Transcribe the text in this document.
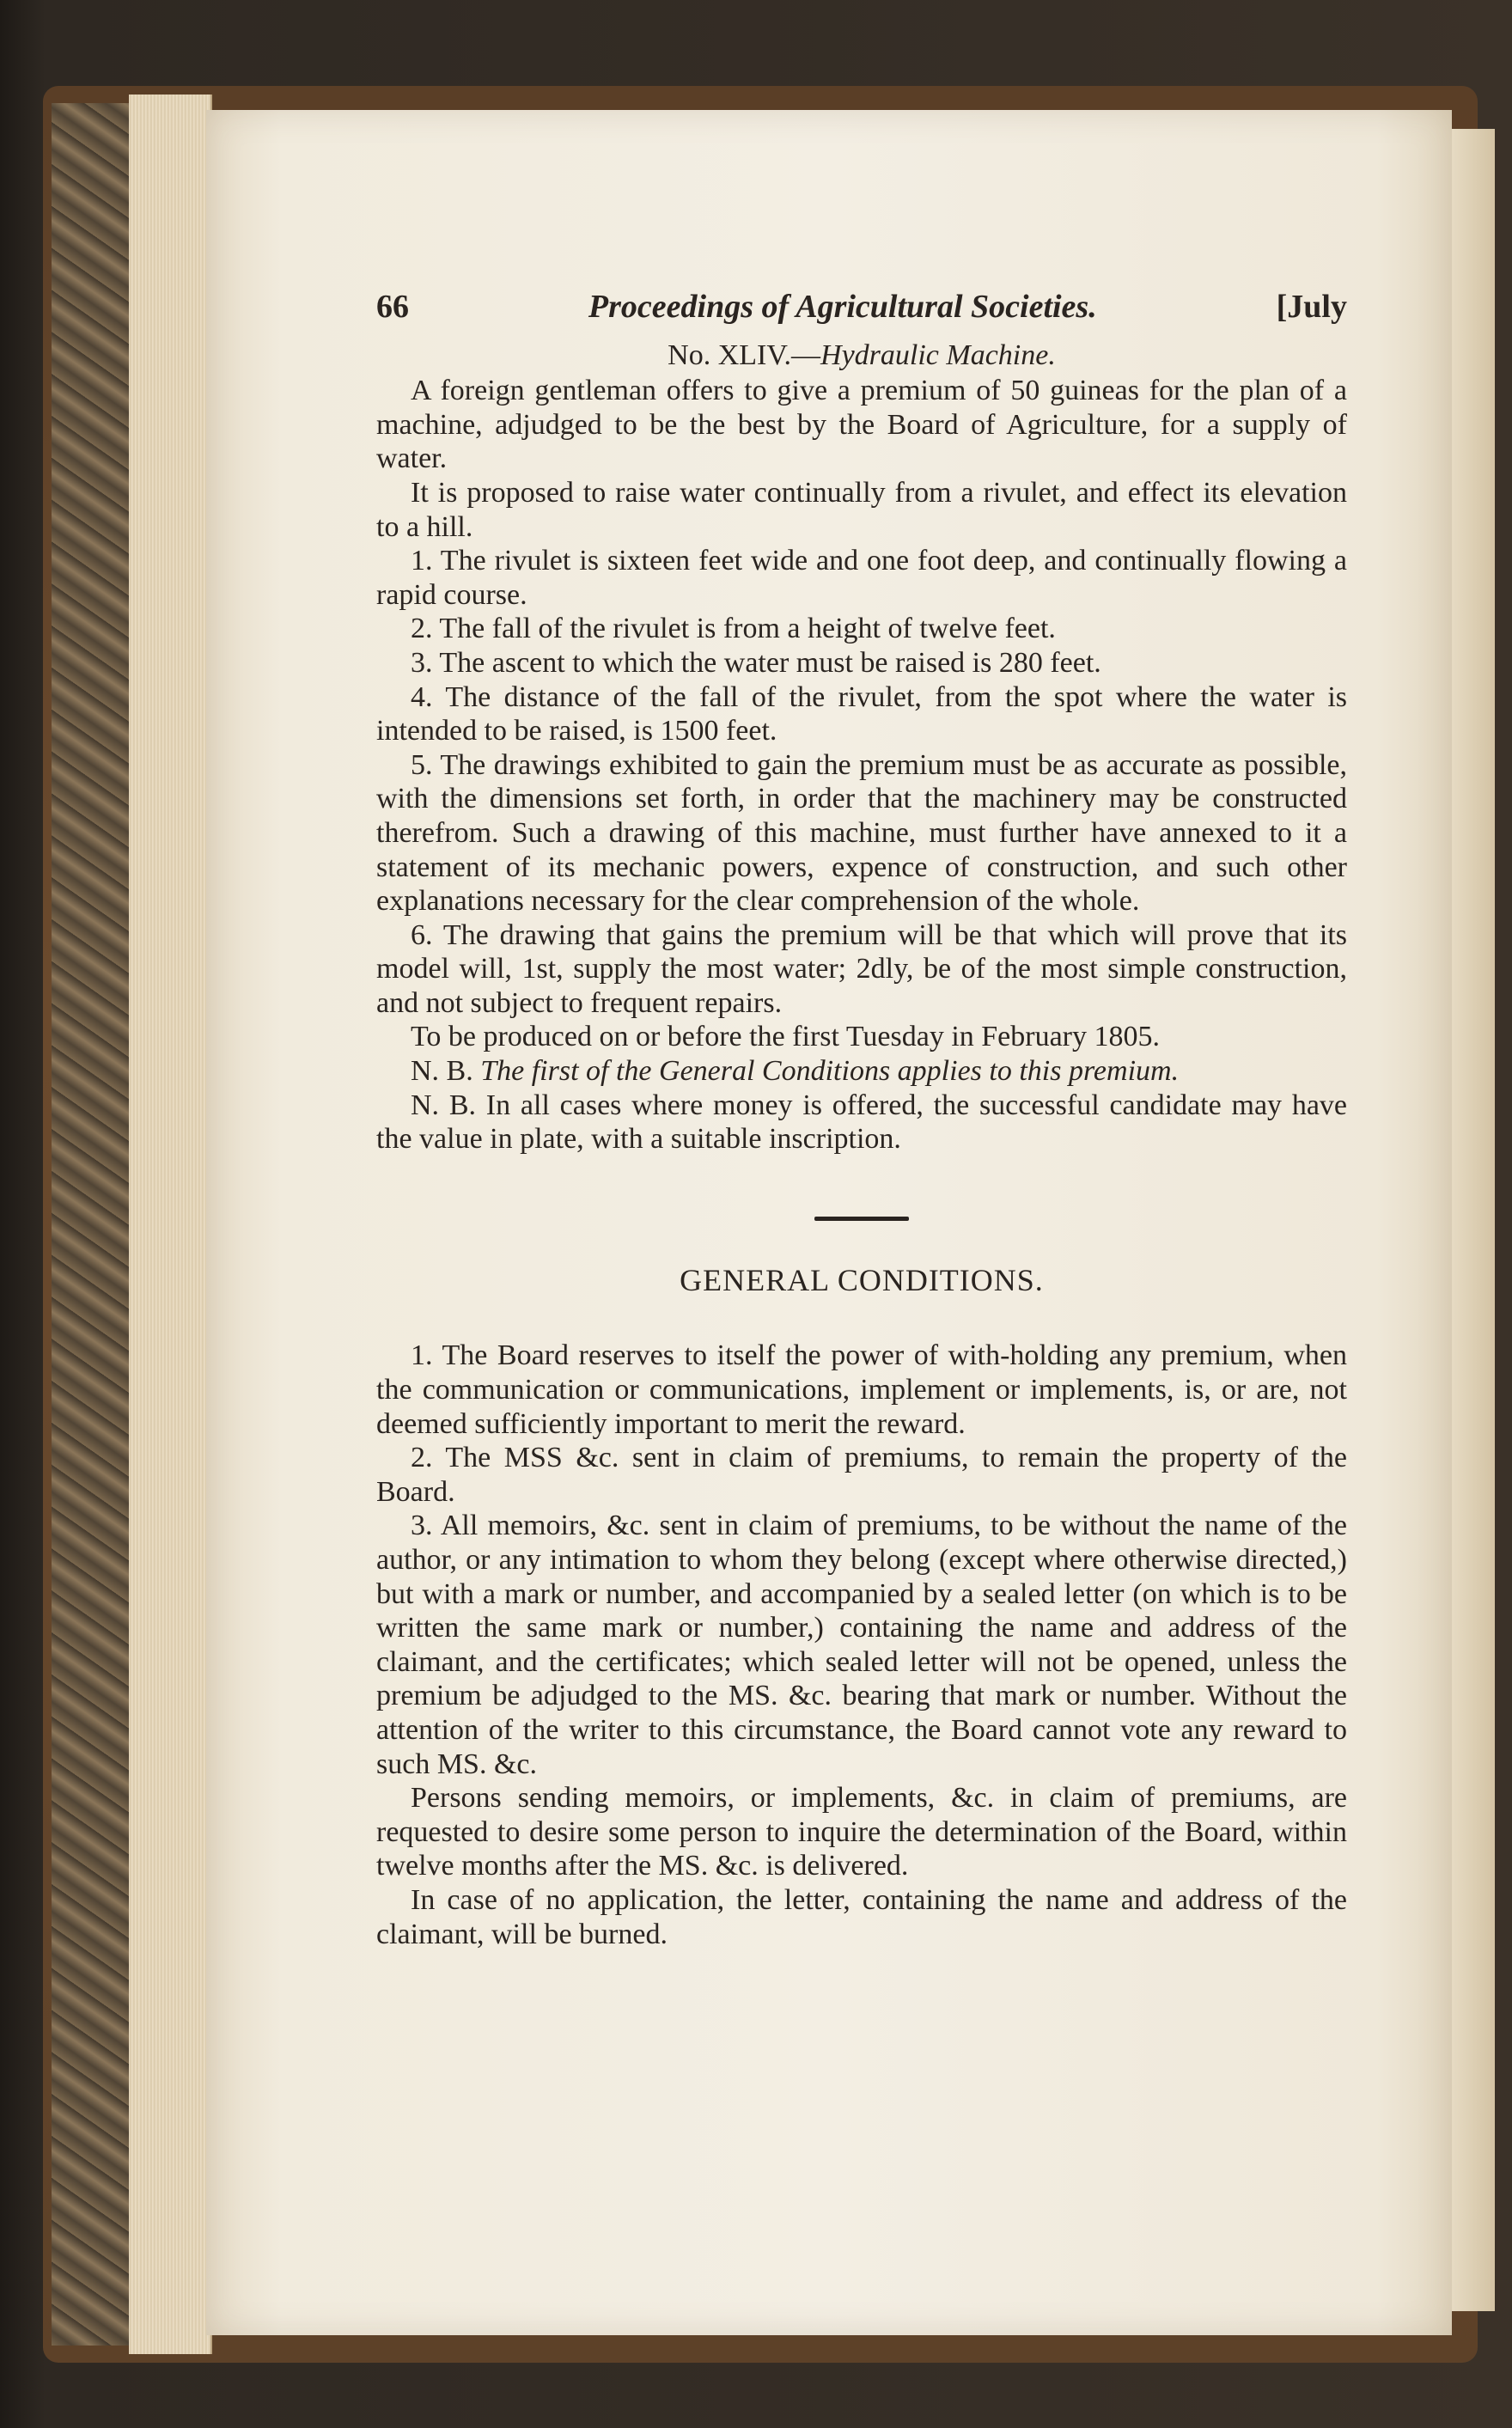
66	Proceedings of Agricultural Societies.	[July
No. XLIV.—Hydraulic Machine.

A foreign gentleman offers to give a premium of 50 guineas for the plan of a machine, adjudged to be the best by the Board of Agriculture, for a supply of water.

It is proposed to raise water continually from a rivulet, and effect its elevation to a hill.

1. The rivulet is sixteen feet wide and one foot deep, and continually flowing a rapid course.

2. The fall of the rivulet is from a height of twelve feet.

3. The ascent to which the water must be raised is 280 feet.

4. The distance of the fall of the rivulet, from the spot where the water is intended to be raised, is 1500 feet.

5. The drawings exhibited to gain the premium must be as accurate as possible, with the dimensions set forth, in order that the machinery may be constructed therefrom. Such a drawing of this machine, must further have annexed to it a statement of its mechanic powers, expence of construction, and such other explanations necessary for the clear comprehension of the whole.

6. The drawing that gains the premium will be that which will prove that its model will, 1st, supply the most water; 2dly, be of the most simple construction, and not subject to frequent repairs.

To be produced on or before the first Tuesday in February 1805.

N. B. The first of the General Conditions applies to this premium.

N. B. In all cases where money is offered, the successful candidate may have the value in plate, with a suitable inscription.

GENERAL CONDITIONS.

1. The Board reserves to itself the power of with-holding any premium, when the communication or communications, implement or implements, is, or are, not deemed sufficiently important to merit the reward.

2. The MSS &c. sent in claim of premiums, to remain the property of the Board.

3. All memoirs, &c. sent in claim of premiums, to be without the name of the author, or any intimation to whom they belong (except where otherwise directed,) but with a mark or number, and accompanied by a sealed letter (on which is to be written the same mark or number,) containing the name and address of the claimant, and the certificates; which sealed letter will not be opened, unless the premium be adjudged to the MS. &c. bearing that mark or number. Without the attention of the writer to this circumstance, the Board cannot vote any reward to such MS. &c.

Persons sending memoirs, or implements, &c. in claim of premiums, are requested to desire some person to inquire the determination of the Board, within twelve months after the MS. &c. is delivered.

In case of no application, the letter, containing the name and address of the claimant, will be burned.
